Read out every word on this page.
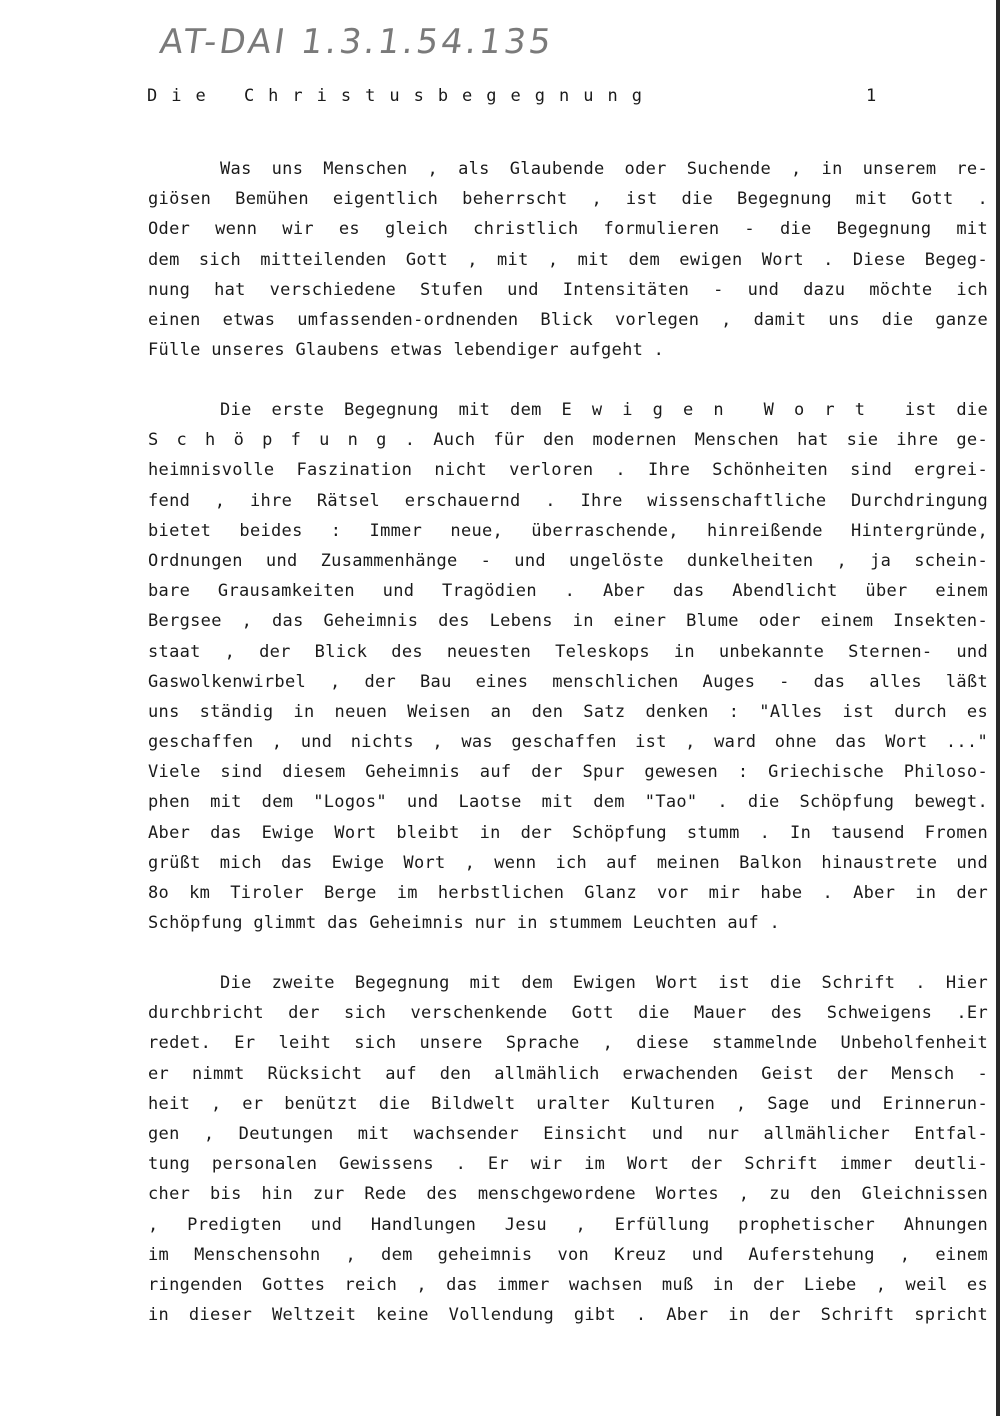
AT-DAI 1.3.1.54.135
Die Christusbegegnung	1
Was uns Menschen , als Glaubende oder Suchende , in unserem re-
giösen Bemühen eigentlich beherrscht , ist die Begegnung mit Gott .
Oder wenn wir es gleich christlich formulieren - die Begegnung mit
dem sich mitteilenden Gott , mit , mit dem ewigen Wort . Diese Begeg-
nung hat verschiedene Stufen und Intensitäten - und dazu möchte ich
einen etwas umfassenden-ordnenden Blick vorlegen , damit uns die ganze
Fülle unseres Glaubens etwas lebendiger aufgeht .
Die erste Begegnung mit dem E w i g e n  W o r t  ist die
S c h ö p f u n g . Auch für den modernen Menschen hat sie ihre ge-
heimnisvolle Faszination nicht verloren . Ihre Schönheiten sind ergrei-
fend , ihre Rätsel erschauernd . Ihre wissenschaftliche Durchdringung
bietet beides : Immer neue, überraschende, hinreißende Hintergründe,
Ordnungen und Zusammenhänge - und ungelöste dunkelheiten , ja schein-
bare Grausamkeiten und Tragödien . Aber das Abendlicht über einem
Bergsee , das Geheimnis des Lebens in einer Blume oder einem Insekten-
staat , der Blick des neuesten Teleskops in unbekannte Sternen- und
Gaswolkenwirbel , der Bau eines menschlichen Auges - das alles läßt
uns ständig in neuen Weisen an den Satz denken : "Alles ist durch es
geschaffen , und nichts , was geschaffen ist , ward ohne das Wort ..."
Viele sind diesem Geheimnis auf der Spur gewesen : Griechische Philoso-
phen mit dem "Logos" und Laotse mit dem "Tao" . die Schöpfung bewegt.
Aber das Ewige Wort bleibt in der Schöpfung stumm . In tausend Fromen
grüßt mich das Ewige Wort , wenn ich auf meinen Balkon hinaustrete und
8o km Tiroler Berge im herbstlichen Glanz vor mir habe . Aber in der
Schöpfung glimmt das Geheimnis nur in stummem Leuchten auf .
Die zweite Begegnung mit dem Ewigen Wort ist die Schrift . Hier
durchbricht der sich verschenkende Gott die Mauer des Schweigens .Er
redet. Er leiht sich unsere Sprache , diese stammelnde Unbeholfenheit
er nimmt Rücksicht auf den allmählich erwachenden Geist der Mensch -
heit , er benützt die Bildwelt uralter Kulturen , Sage und Erinnerun-
gen , Deutungen mit wachsender Einsicht und nur allmählicher Entfal-
tung personalen Gewissens . Er wir im Wort der Schrift immer deutli-
cher bis hin zur Rede des menschgewordene Wortes , zu den Gleichnissen
, Predigten und Handlungen Jesu , Erfüllung prophetischer Ahnungen
im Menschensohn , dem geheimnis von Kreuz und Auferstehung , einem
ringenden Gottes reich , das immer wachsen muß in der Liebe , weil es
in dieser Weltzeit keine Vollendung gibt . Aber in der Schrift spricht
